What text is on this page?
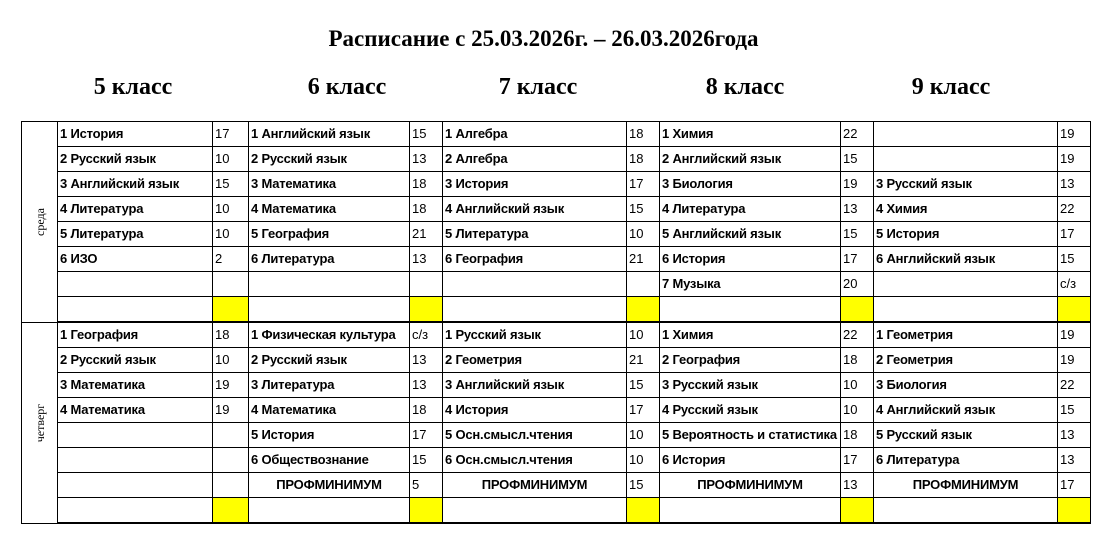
Расписание с 25.03.2026г. – 26.03.2026года
5 класс	6 класс	7 класс	8 класс	9 класс
среда	1 История	17	1 Английский язык	15	1 Алгебра	18	1 Химия	22		19
	2 Русский язык	10	2 Русский язык	13	2 Алгебра	18	2 Английский язык	15		19
	3 Английский язык	15	3 Математика	18	3 История	17	3 Биология	19	3 Русский язык	13
	4 Литература	10	4 Математика	18	4 Английский язык	15	4 Литература	13	4 Химия	22
	5 Литература	10	5 География	21	5 Литература	10	5 Английский язык	15	5 История	17
	6 ИЗО	2	6 Литература	13	6 География	21	6 История	17	6 Английский язык	15
							7 Музыка	20		с/з

четверг	1 География	18	1 Физическая культура	с/з	1 Русский язык	10	1 Химия	22	1 Геометрия	19
	2 Русский язык	10	2 Русский язык	13	2 Геометрия	21	2 География	18	2 Геометрия	19
	3 Математика	19	3 Литература	13	3 Английский язык	15	3 Русский язык	10	3 Биология	22
	4 Математика	19	4 Математика	18	4 История	17	4 Русский язык	10	4 Английский язык	15
			5 История	17	5 Осн.смысл.чтения	10	5 Вероятность и статистика	18	5 Русский язык	13
			6 Обществознание	15	6 Осн.смысл.чтения	10	6 История	17	6 Литература	13
			ПРОФМИНИМУМ	5	ПРОФМИНИМУМ	15	ПРОФМИНИМУМ	13	ПРОФМИНИМУМ	17
